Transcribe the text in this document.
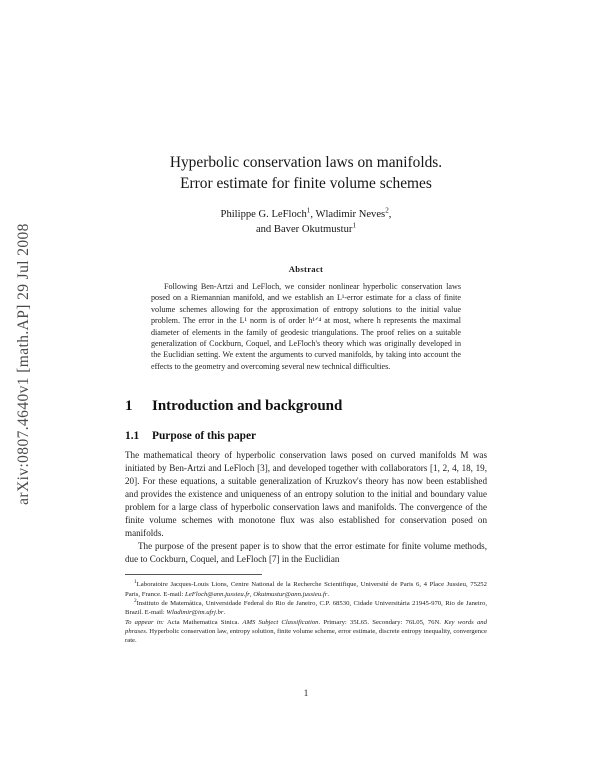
arXiv:0807.4640v1 [math.AP] 29 Jul 2008
Hyperbolic conservation laws on manifolds.
Error estimate for finite volume schemes
Philippe G. LeFloch$^1$, Wladimir Neves$^2$,
and Baver Okutmustur$^1$
Abstract
Following Ben-Artzi and LeFloch, we consider nonlinear hyperbolic conservation laws posed on a Riemannian manifold, and we establish an L¹-error estimate for a class of finite volume schemes allowing for the approximation of entropy solutions to the initial value problem. The error in the L¹ norm is of order h¹ᐟ⁴ at most, where h represents the maximal diameter of elements in the family of geodesic triangulations. The proof relies on a suitable generalization of Cockburn, Coquel, and LeFloch's theory which was originally developed in the Euclidian setting. We extent the arguments to curved manifolds, by taking into account the effects to the geometry and overcoming several new technical difficulties.
1	Introduction and background
1.1	Purpose of this paper
The mathematical theory of hyperbolic conservation laws posed on curved manifolds M was initiated by Ben-Artzi and LeFloch [3], and developed together with collaborators [1, 2, 4, 18, 19, 20]. For these equations, a suitable generalization of Kruzkov's theory has now been established and provides the existence and uniqueness of an entropy solution to the initial and boundary value problem for a large class of hyperbolic conservation laws and manifolds. The convergence of the finite volume schemes with monotone flux was also established for conservation posed on manifolds.
The purpose of the present paper is to show that the error estimate for finite volume methods, due to Cockburn, Coquel, and LeFloch [7] in the Euclidian
$^1$Laboratoire Jacques-Louis Lions, Centre National de la Recherche Scientifique, Université de Paris 6, 4 Place Jussieu, 75252 Paris, France. E-mail: LeFloch@ann.jussieu.fr, Okutmustur@ann.jussieu.fr.
$^2$Instituto de Matemática, Universidade Federal do Rio de Janeiro, C.P. 68530, Cidade Universitária 21945-970, Rio de Janeiro, Brazil. E-mail: Wladimir@im.ufrj.br.
To appear in: Acta Mathematica Sinica. AMS Subject Classification. Primary: 35L65. Secondary: 76L05, 76N. Key words and phrases. Hyperbolic conservation law, entropy solution, finite volume scheme, error estimate, discrete entropy inequality, convergence rate.
1
